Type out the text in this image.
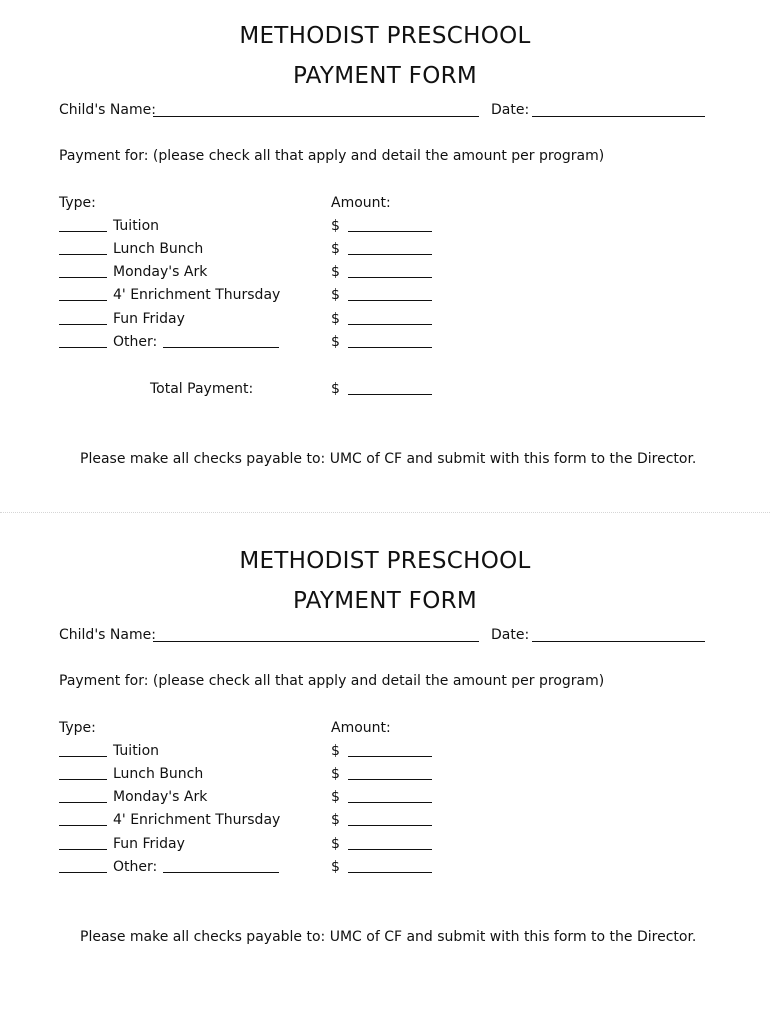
METHODIST PRESCHOOL
PAYMENT FORM
Child's Name:	Date:
Payment for: (please check all that apply and detail the amount per program)
Type:	Amount:
Tuition	$
Lunch Bunch	$
Monday's Ark	$
4' Enrichment Thursday	$
Fun Friday	$
Other:	$
Total Payment:	$
Please make all checks payable to: UMC of CF and submit with this form to the Director.
METHODIST PRESCHOOL
PAYMENT FORM
Child's Name:	Date:
Payment for: (please check all that apply and detail the amount per program)
Type:	Amount:
Tuition	$
Lunch Bunch	$
Monday's Ark	$
4' Enrichment Thursday	$
Fun Friday	$
Other:	$
Please make all checks payable to: UMC of CF and submit with this form to the Director.
